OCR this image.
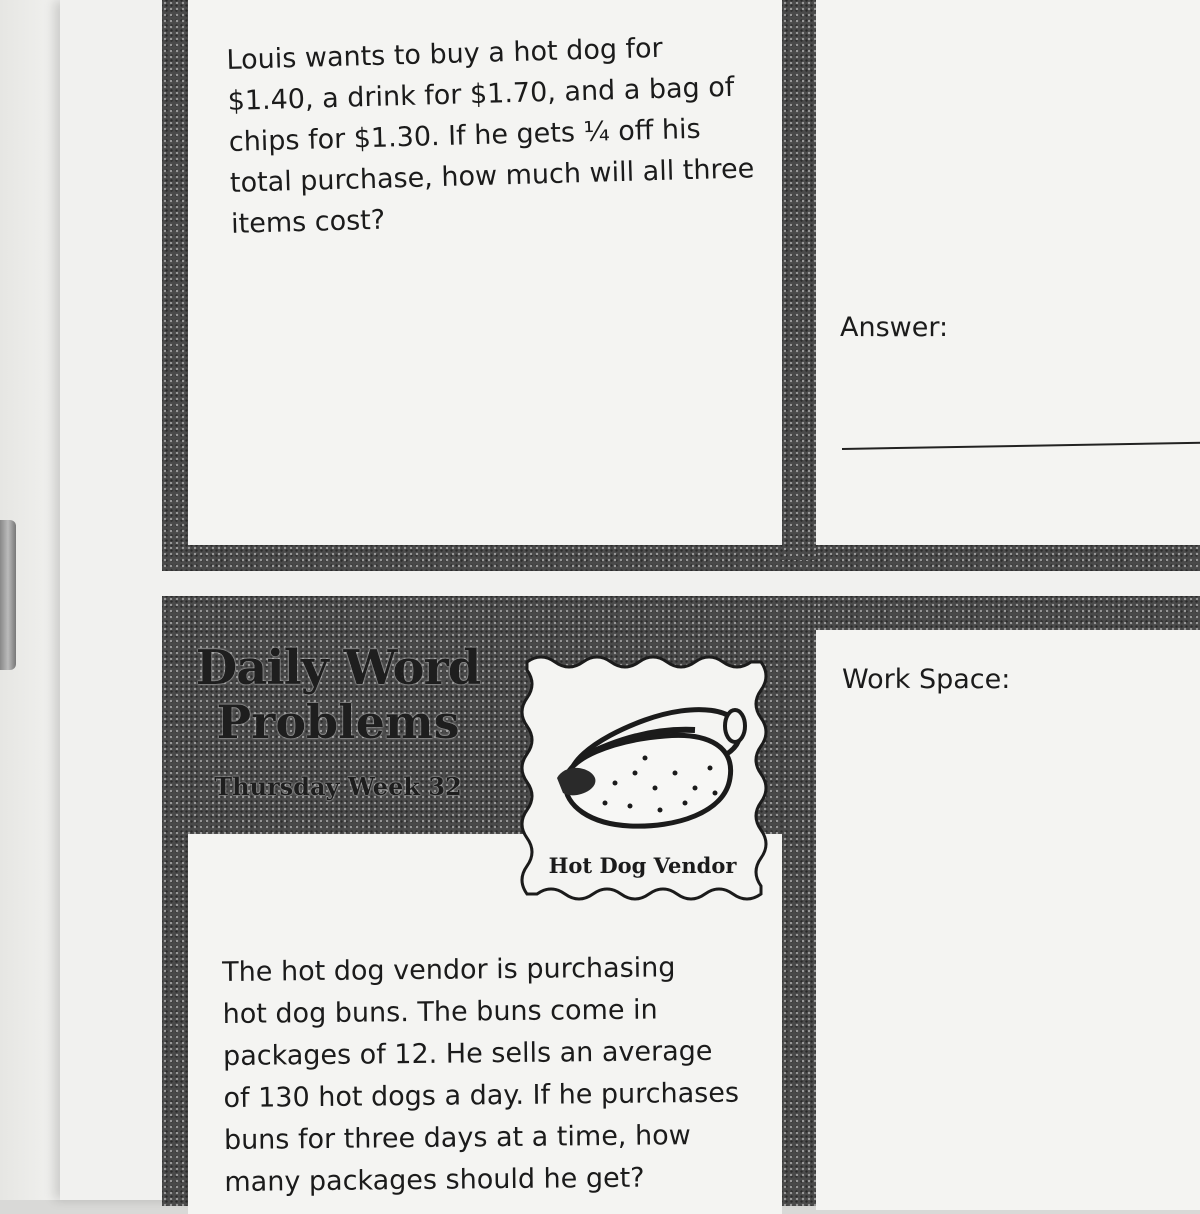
Louis wants to buy a hot dog for
$1.40, a drink for $1.70, and a bag of
chips for $1.30. If he gets ¼ off his
total purchase, how much will all three
items cost?
Answer:
Daily Word
Problems
Thursday Week 32
Hot Dog Vendor
Work Space:
The hot dog vendor is purchasing
hot dog buns. The buns come in
packages of 12. He sells an average
of 130 hot dogs a day. If he purchases
buns for three days at a time, how
many packages should he get?
